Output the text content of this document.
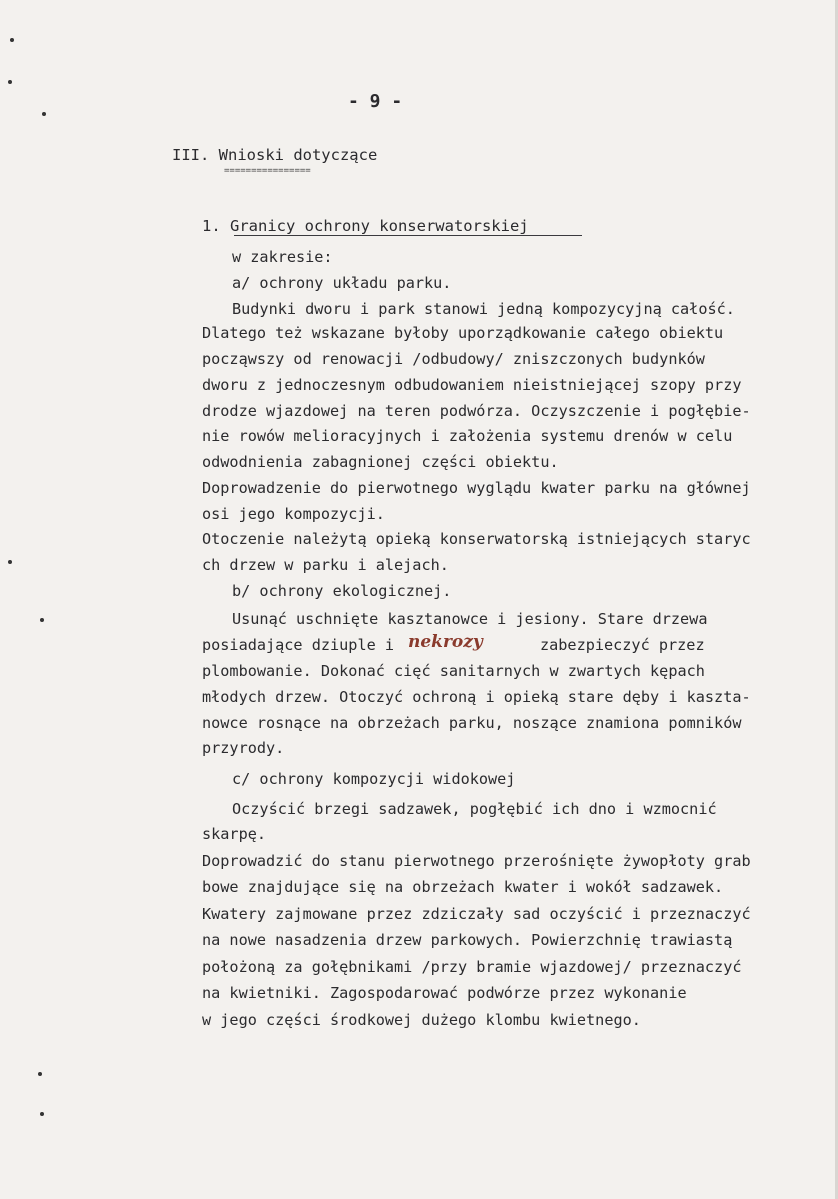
- 9 -
III. Wnioski dotyczące
================
1. Granicy ochrony konserwatorskiej
w zakresie:
a/ ochrony układu parku.
Budynki dworu i park stanowi jedną kompozycyjną całość.
Dlatego też wskazane byłoby uporządkowanie całego obiektu
począwszy od renowacji /odbudowy/ zniszczonych budynków
dworu z jednoczesnym odbudowaniem nieistniejącej szopy przy
drodze wjazdowej na teren podwórza. Oczyszczenie i pogłębie-
nie rowów melioracyjnych i założenia systemu drenów w celu
odwodnienia zabagnionej części obiektu.
Doprowadzenie do pierwotnego wyglądu kwater parku na głównej
osi jego kompozycji.
Otoczenie należytą opieką konserwatorską istniejących staryc
ch drzew w parku i alejach.
b/ ochrony ekologicznej.
Usunąć uschnięte kasztanowce i jesiony. Stare drzewa
posiadające dziuple i nekrozy	zabezpieczyć przez
plombowanie. Dokonać cięć sanitarnych w zwartych kępach
młodych drzew. Otoczyć ochroną i opieką stare dęby i kaszta-
nowce rosnące na obrzeżach parku, noszące znamiona pomników
przyrody.
c/ ochrony kompozycji widokowej
Oczyścić brzegi sadzawek, pogłębić ich dno i wzmocnić
skarpę.
Doprowadzić do stanu pierwotnego przerośnięte żywopłoty grab
bowe znajdujące się na obrzeżach kwater i wokół sadzawek.
Kwatery zajmowane przez zdziczały sad oczyścić i przeznaczyć
na nowe nasadzenia drzew parkowych. Powierzchnię trawiastą
położoną za gołębnikami /przy bramie wjazdowej/ przeznaczyć
na kwietniki. Zagospodarować podwórze przez wykonanie
w jego części środkowej dużego klombu kwietnego.
